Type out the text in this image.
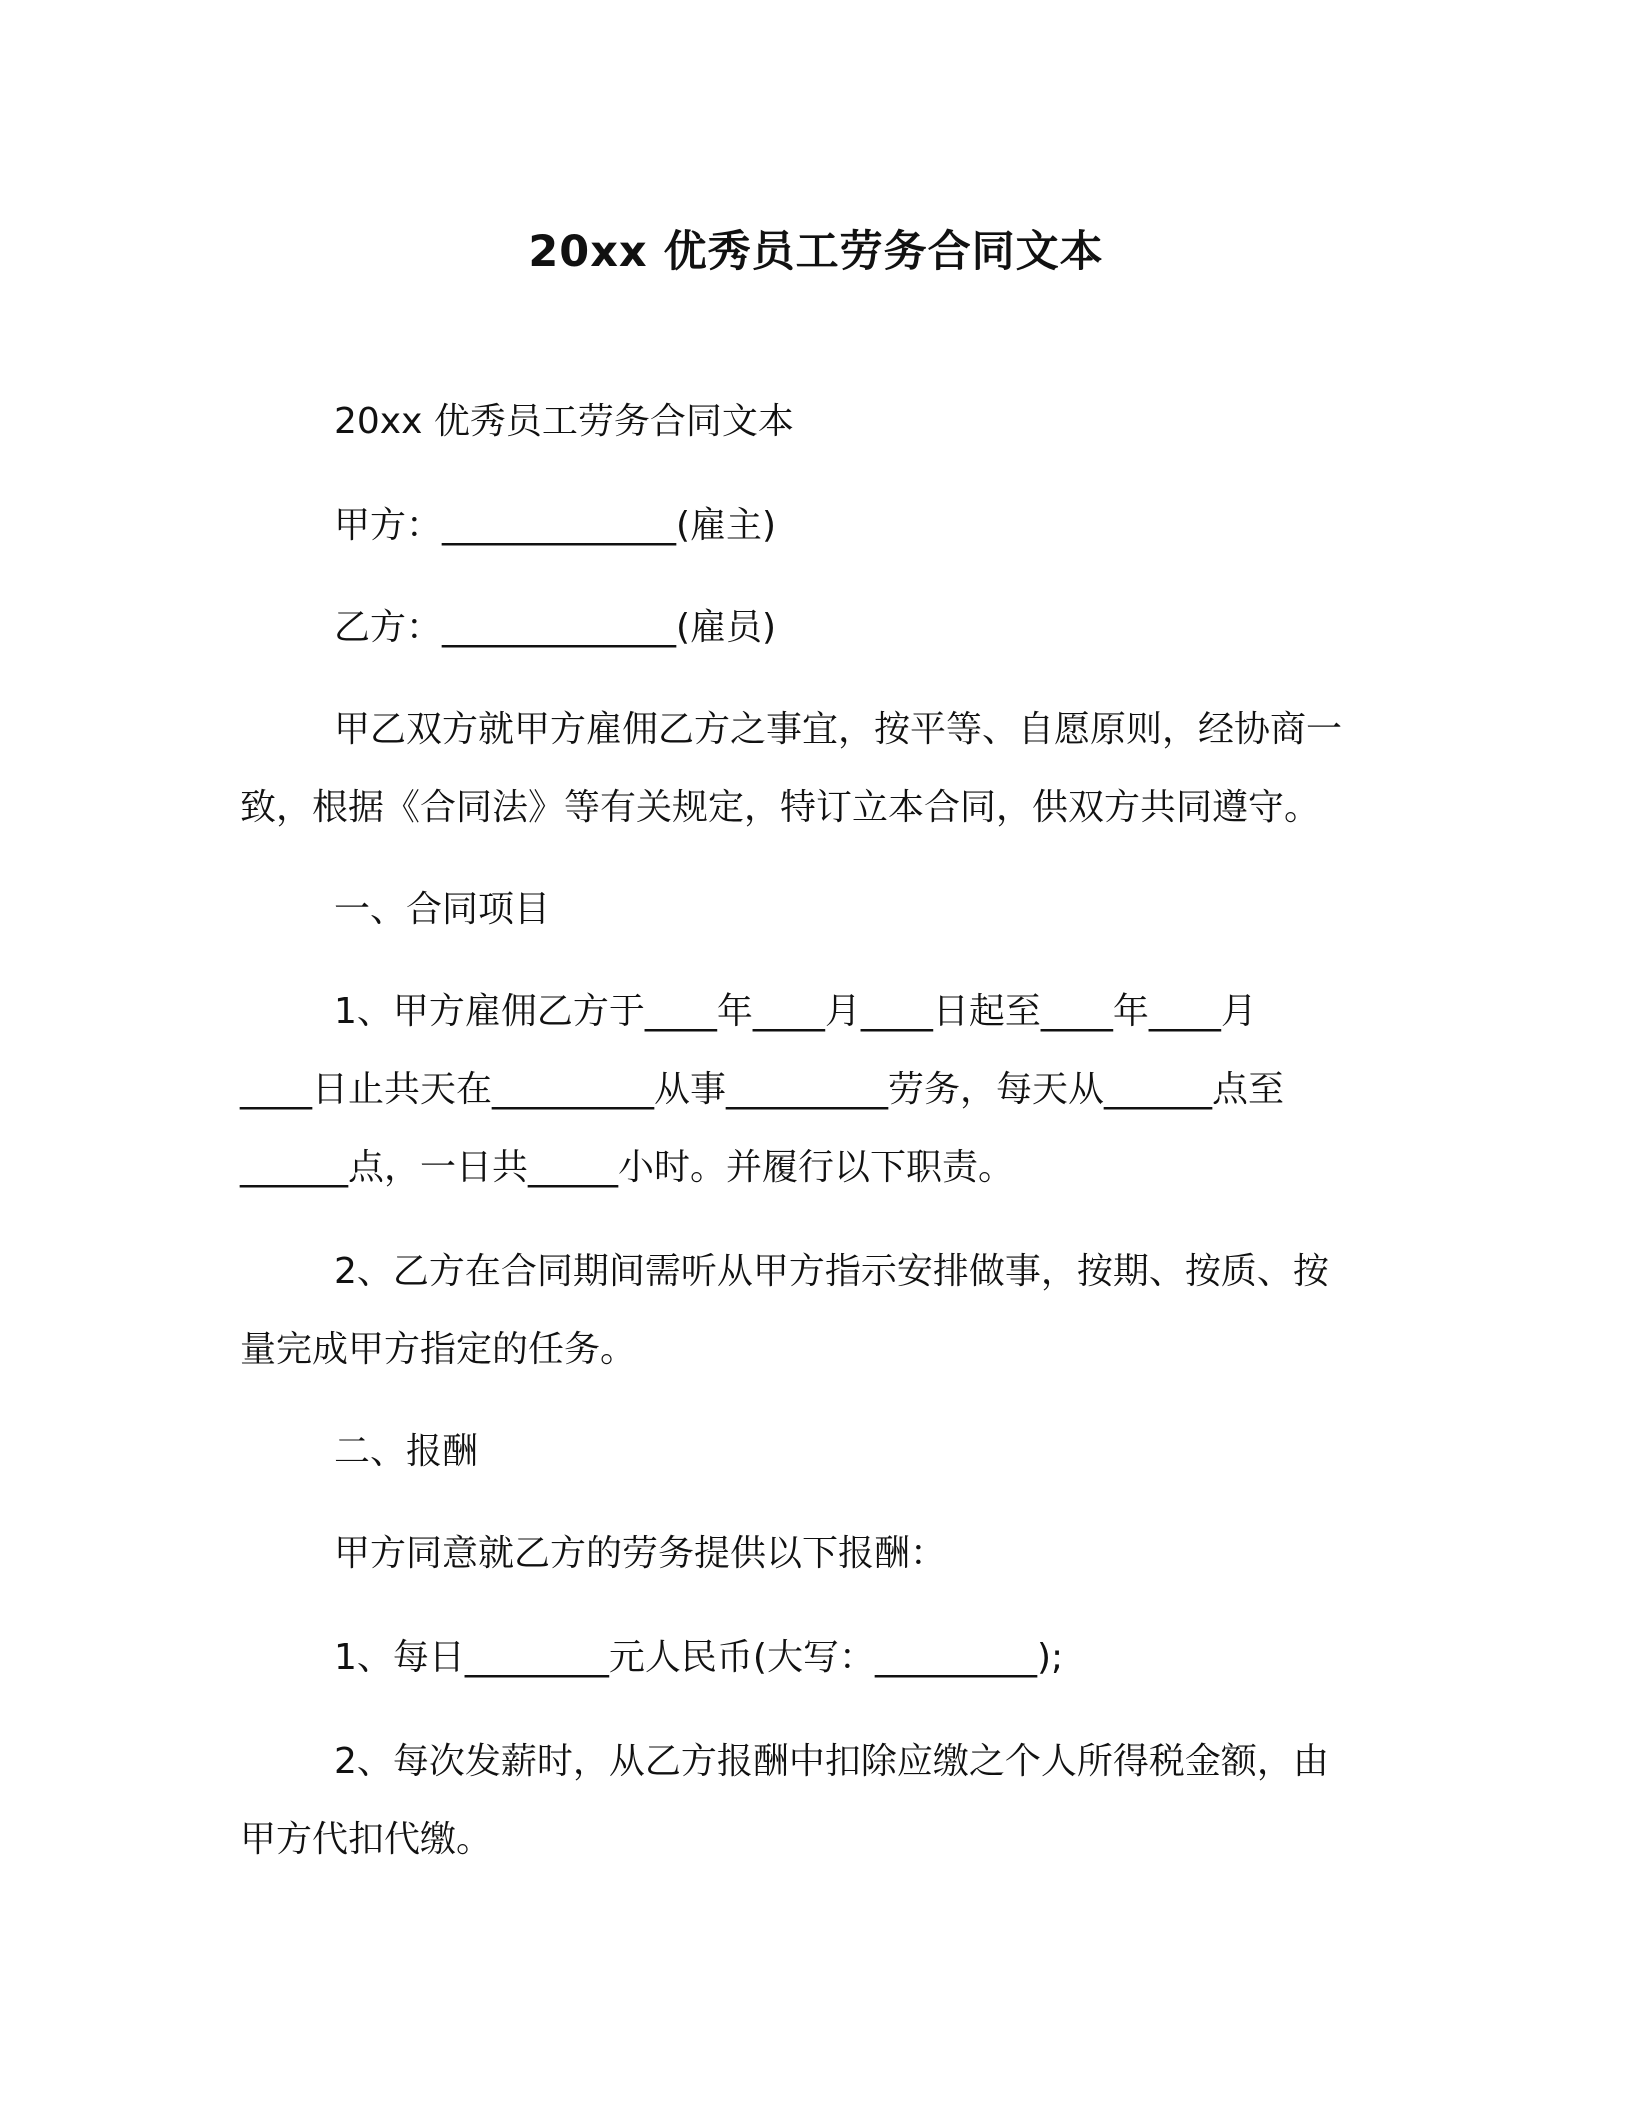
20xx 优秀员工劳务合同文本
20xx 优秀员工劳务合同文本
甲方：_____________(雇主)
乙方：_____________(雇员)
甲乙双方就甲方雇佣乙方之事宜，按平等、自愿原则，经协商一
致，根据《合同法》等有关规定，特订立本合同，供双方共同遵守。
一、合同项目
1、甲方雇佣乙方于____年____月____日起至____年____月
____日止共天在_________从事_________劳务，每天从______点至
______点，一日共_____小时。并履行以下职责。
2、乙方在合同期间需听从甲方指示安排做事，按期、按质、按
量完成甲方指定的任务。
二、报酬
甲方同意就乙方的劳务提供以下报酬：
1、每日________元人民币(大写：_________);
2、每次发薪时，从乙方报酬中扣除应缴之个人所得税金额，由
甲方代扣代缴。
